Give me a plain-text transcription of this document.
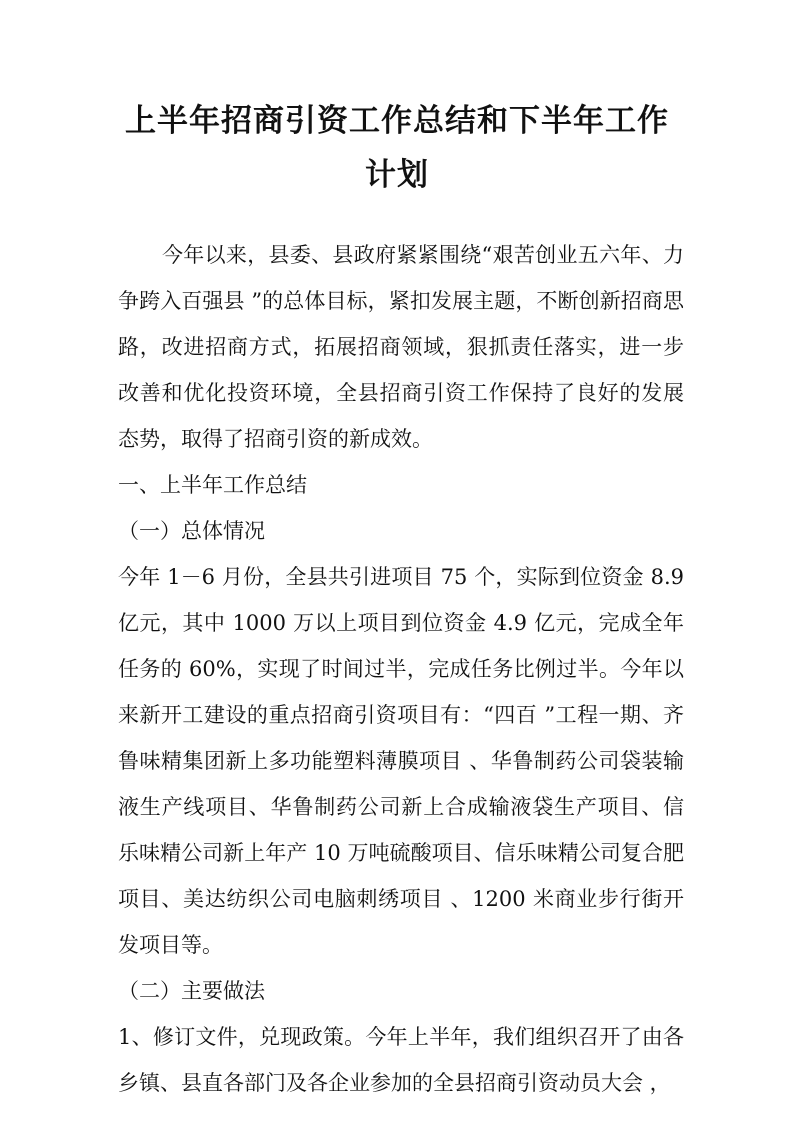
上半年招商引资工作总结和下半年工作
计划

今年以来，县委、县政府紧紧围绕“艰苦创业五六年、力争跨入百强县 ”的总体目标，紧扣发展主题，不断创新招商思路，改进招商方式，拓展招商领域，狠抓责任落实，进一步改善和优化投资环境，全县招商引资工作保持了良好的发展态势，取得了招商引资的新成效。

一、上半年工作总结

（一）总体情况

今年 1－6 月份，全县共引进项目 75 个，实际到位资金 8.9 亿元，其中 1000 万以上项目到位资金 4.9 亿元，完成全年任务的 60%，实现了时间过半，完成任务比例过半。今年以来新开工建设的重点招商引资项目有：“四百 ”工程一期、齐鲁味精集团新上多功能塑料薄膜项目 、华鲁制药公司袋装输液生产线项目、华鲁制药公司新上合成输液袋生产项目、信乐味精公司新上年产 10 万吨硫酸项目、信乐味精公司复合肥项目、美达纺织公司电脑刺绣项目 、1200 米商业步行街开发项目等。

（二）主要做法

1、修订文件，兑现政策。今年上半年，我们组织召开了由各乡镇、县直各部门及各企业参加的全县招商引资动员大会 ，
